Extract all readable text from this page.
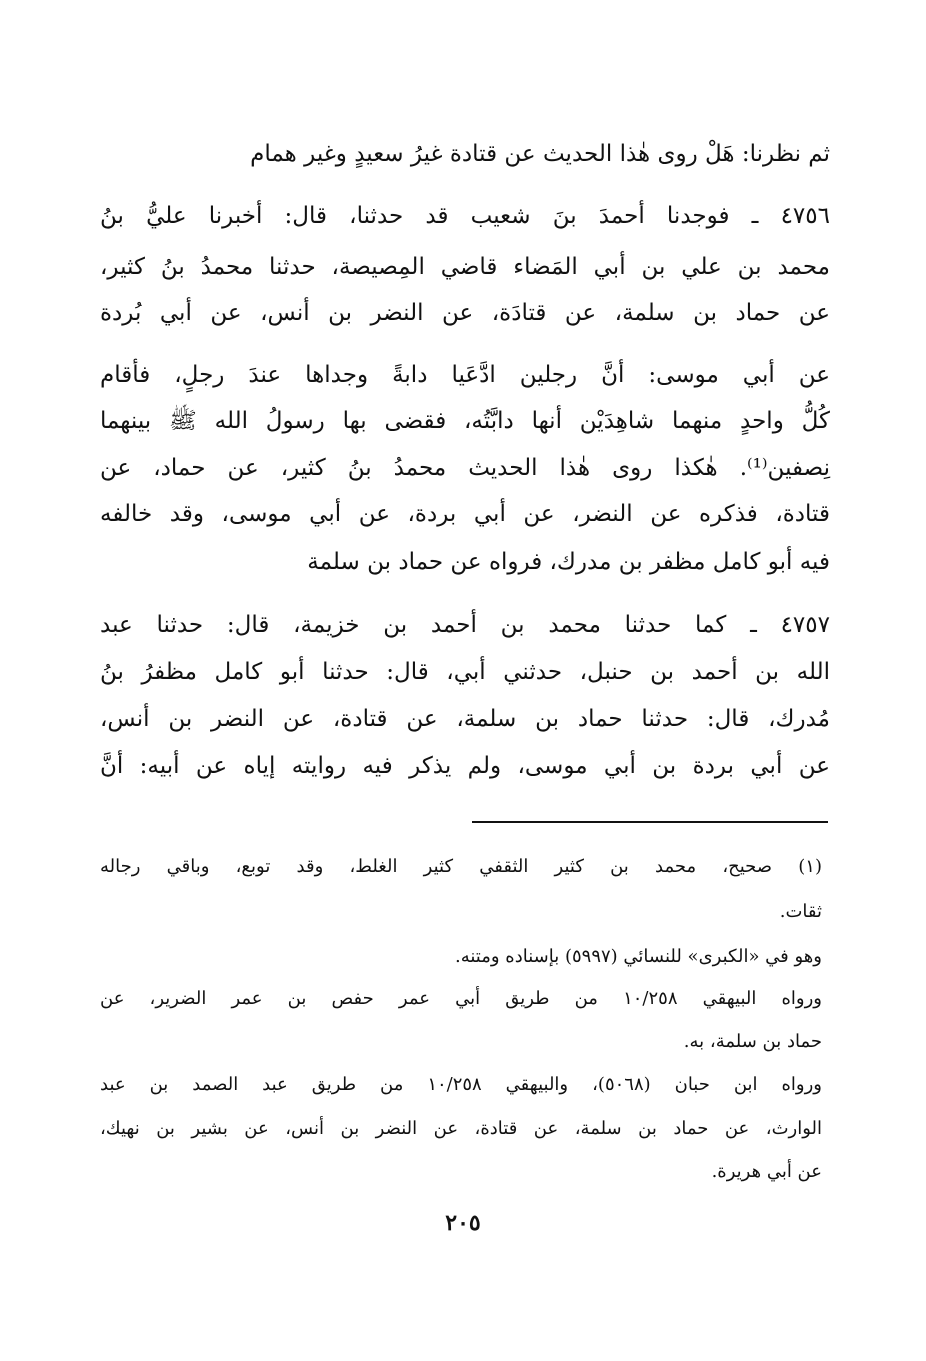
ثم نظرنا: هَلْ روى هٰذا الحديث عن قتادة غيرُ سعيدٍ وغير همام
٤٧٥٦ ـ فوجدنا أحمدَ بنَ شعيب قد حدثنا، قال: أخبرنا عليُّ بنُ
محمد بن علي بن أبي المَضاء قاضي المِصيصة، حدثنا محمدُ بنُ كثير،
عن حماد بن سلمة، عن قتادَة، عن النضر بن أنس، عن أبي بُردة
عن أبي موسى: أنَّ رجلين ادَّعَيا دابةً وجداها عندَ رجلٍ، فأقام
كُلُّ واحدٍ منهما شاهِدَيْن أنها دابَّتُه، فقضى بها رسولُ الله ﷺ بينهما
نِصفين⁽¹⁾. هٰكذا روى هٰذا الحديث محمدُ بنُ كثير، عن حماد، عن
قتادة، فذكره عن النضر، عن أبي بردة، عن أبي موسى، وقد خالفه
فيه أبو كامل مظفر بن مدرك، فرواه عن حماد بن سلمة
٤٧٥٧ ـ كما حدثنا محمد بن أحمد بن خزيمة، قال: حدثنا عبد
الله بن أحمد بن حنبل، حدثني أبي، قال: حدثنا أبو كامل مظفرُ بنُ
مُدرك، قال: حدثنا حماد بن سلمة، عن قتادة، عن النضر بن أنس،
عن أبي بردة بن أبي موسى، ولم يذكر فيه روايته إياه عن أبيه: أنَّ
(١) صحيح، محمد بن كثير الثقفي كثير الغلط، وقد توبع، وباقي رجاله
ثقات.
وهو في «الكبرى» للنسائي (٥٩٩٧) بإسناده ومتنه.
ورواه البيهقي ١٠/٢٥٨ من طريق أبي عمر حفص بن عمر الضرير، عن
حماد بن سلمة، به.
ورواه ابن حبان (٥٠٦٨)، والبيهقي ١٠/٢٥٨ من طريق عبد الصمد بن عبد
الوارث، عن حماد بن سلمة، عن قتادة، عن النضر بن أنس، عن بشير بن نهيك،
عن أبي هريرة.
٢٠٥
